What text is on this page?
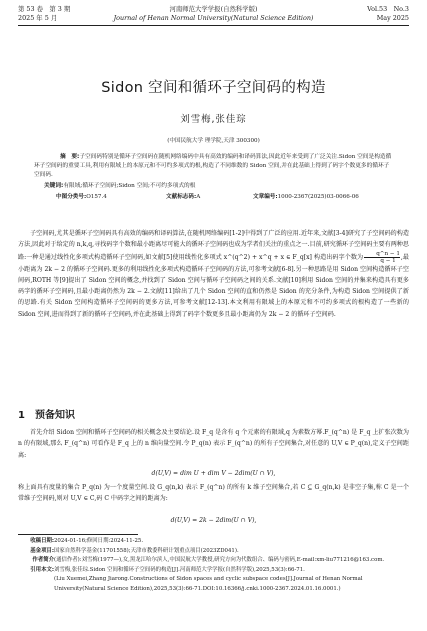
第 53 卷　第 3 期	河南师范大学学报(自然科学版)	Vol.53　No.3
2025 年 5 月	Journal of Henan Normal University(Natural Science Edition)	May 2025
Sidon 空间和循环子空间码的构造
刘雪梅,张佳琮
(中国民航大学 理学院,天津 300300)
摘　要:子空间码特别是循环子空间码在随机网络编码中具有高效的编码和译码算法,因此近年来受到了广泛关注.Sidon 空间是构造循环子空间码的重要工具,利用有限域上的本原元和不可约多项式的根,构造了不同维数的 Sidon 空间,并在此基础上得到了码字个数更多的循环子空间码.
关键词:有限域;循环子空间码;Sidon 空间;不可约多项式的根
中图分类号:O157.4	文献标志码:A	文章编号:1000-2367(2025)03-0066-06
子空间码,尤其是循环子空间码具有高效的编码和译码算法,在随机网络编码[1-2]中得到了广泛的应用.近年来,文献[3-4]研究了子空间码的构造方法,因此对于给定的 n,k,q,寻找码字个数和最小距离尽可能大的循环子空间码也成为学者们关注的重点之一.目前,研究循环子空间码主要有两种思路:一种是通过线性化多项式构造循环子空间码,如文献[5]使用线性化多项式 x^(q^2) + x^q + x ∈ F_q[x] 构造出码字个数为 $\frac{q\^{}n - 1}{q - 1}$ ,最小距离为 2k − 2 的循环子空间码.更多的利用线性化多项式构造循环子空间码的方法,可参考文献[6-8].另一种思路是用 Sidon 空间构造循环子空间码,ROTH 等[9]提出了 Sidon 空间的概念,并找到了 Sidon 空间与循环子空间码之间的关系.文献[10]利用 Sidon 空间的并集来构造具有更多码字的循环子空间码,且最小距离仍然为 2k − 2.文献[11]给出了几个 Sidon 空间的直和仍然是 Sidon 的充分条件,为构造 Sidon 空间提供了新的思路.有关 Sidon 空间构造循环子空间码的更多方法,可参考文献[12-13].本文利用有限域上的本原元和不可约多项式的根构造了一些新的 Sidon 空间,进而得到了新的循环子空间码,并在此基础上得到了码字个数更多且最小距离仍为 2k − 2 的循环子空间码.
1　预备知识
首先介绍 Sidon 空间和循环子空间码的相关概念及主要结论.设 F_q 是含有 q 个元素的有限域,q 为素数方幂.F_(q^n) 是 F_q 上扩张次数为 n 的有限域,那么 F_(q^n) 可看作是 F_q 上的 n 维向量空间.令 P_q(n) 表示 F_(q^n) 的所有子空间集合,对任意的 U,V ∈ P_q(n),定义子空间距离:
d(U,V) = dim U + dim V − 2dim(U ∩ V),
称上面具有度量的集合 P_q(n) 为一个度量空间.设 G_q(n,k) 表示 F_(q^n) 的所有 k 维子空间集合,若 C ⊆ G_q(n,k) 是非空子集,称 C 是一个常维子空间码,则对 U,V ∈ C,码 C 中码字之间的距离为:
d(U,V) = 2k − 2dim(U ∩ V),
收稿日期:2024-01-16;修回日期:2024-11-25.
基金项目:国家自然科学基金(11701558);天津市教委科研计划重点项目(2023ZD041).
作者简介(通信作者):刘雪梅(1977—),女,黑龙江哈尔滨人,中国民航大学教授,研究方向为代数组合、编码与密码,E-mail:xm-liu771216@163.com.
引用本文:刘雪梅,张佳琮.Sidon 空间和循环子空间码的构造[J].河南师范大学学报(自然科学版),2025,53(3):66-71.
(Liu Xuemei,Zhang Jiarong.Constructions of Sidon spaces and cyclic subspace codes[J].Journal of Henan Normal University(Natural Science Edition),2025,53(3):66-71.DOI:10.16366/j.cnki.1000-2367.2024.01.16.0001.)
